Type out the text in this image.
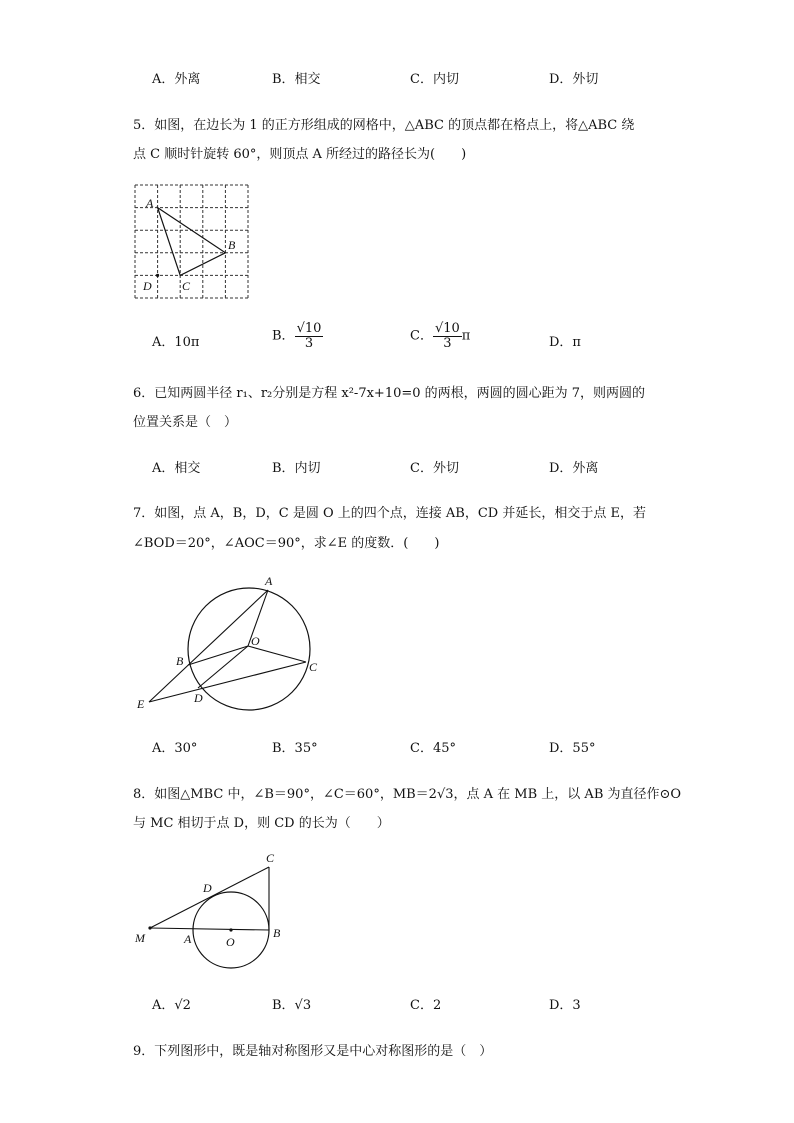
A．外离	B．相交	C．内切	D．外切
5．如图，在边长为 1 的正方形组成的网格中，△ABC 的顶点都在格点上，将△ABC 绕
点 C 顺时针旋转 60°，则顶点 A 所经过的路径长为(　　)
A
B
C
D
A．10π	B． $\frac{√10}{3}$	C． $\frac{√10}{3}$ π	D．π
6．已知两圆半径 r₁、r₂分别是方程 x²-7x+10=0 的两根，两圆的圆心距为 7，则两圆的
位置关系是（　）
A．相交	B．内切	C．外切	D．外离
7．如图，点 A，B，D，C 是圆 O 上的四个点，连接 AB，CD 并延长，相交于点 E，若
∠BOD＝20°，∠AOC＝90°，求∠E 的度数．(　　)
A
O
B	C
D
E
A．30°	B．35°	C．45°	D．55°
8．如图△MBC 中，∠B＝90°，∠C＝60°，MB＝2√3，点 A 在 MB 上，以 AB 为直径作⊙O
与 MC 相切于点 D，则 CD 的长为（　　）
C
D
M	A	O
B
A．√2	B．√3	C．2	D．3
9．下列图形中，既是轴对称图形又是中心对称图形的是（　）
